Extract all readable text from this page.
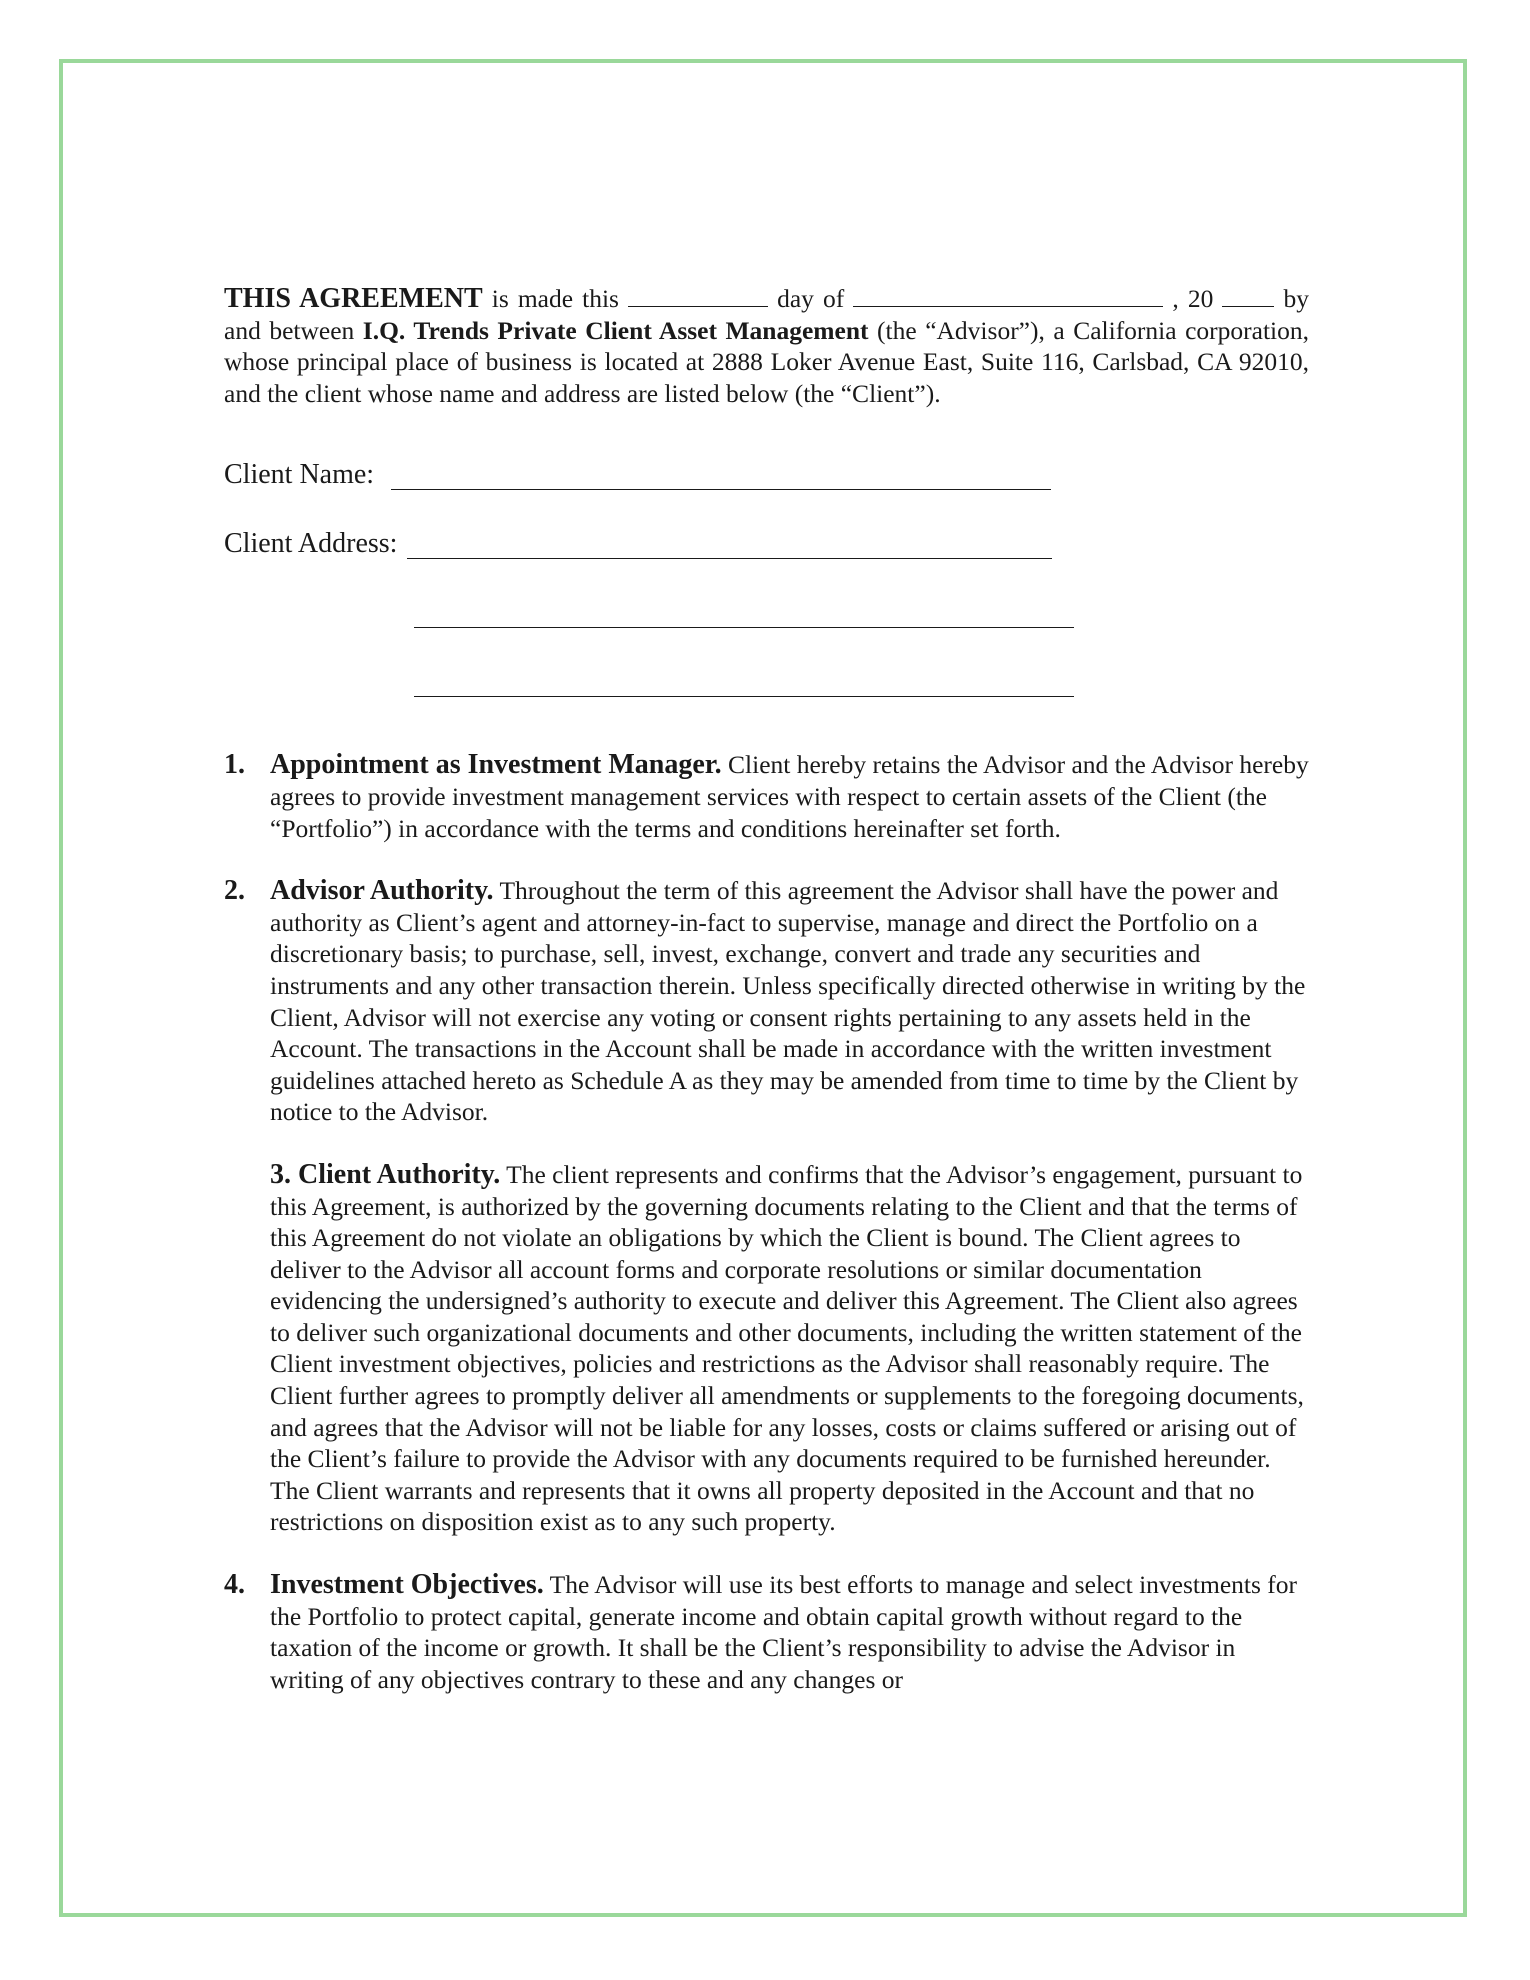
THIS AGREEMENT is made this	day of	, 20  by and between I.Q. Trends Private Client Asset Management (the “Advisor”), a California corporation, whose principal place of business is located at 2888 Loker Avenue East, Suite 116, Carlsbad, CA 92010, and the client whose name and address are listed below (the “Client”).

Client Name:
Client Address:
1. Appointment as Investment Manager. Client hereby retains the Advisor and the Advisor hereby agrees to provide investment management services with respect to certain assets of the Client (the “Portfolio”) in accordance with the terms and conditions hereinafter set forth.
2. Advisor Authority. Throughout the term of this agreement the Advisor shall have the power and authority as Client’s agent and attorney-in-fact to supervise, manage and direct the Portfolio on a discretionary basis; to purchase, sell, invest, exchange, convert and trade any securities and instruments and any other transaction therein. Unless specifically directed otherwise in writing by the Client, Advisor will not exercise any voting or consent rights pertaining to any assets held in the Account. The transactions in the Account shall be made in accordance with the written investment guidelines attached hereto as Schedule A as they may be amended from time to time by the Client by notice to the Advisor.
3. Client Authority. The client represents and confirms that the Advisor’s engagement, pursuant to this Agreement, is authorized by the governing documents relating to the Client and that the terms of this Agreement do not violate an obligations by which the Client is bound. The Client agrees to deliver to the Advisor all account forms and corporate resolutions or similar documentation evidencing the undersigned’s authority to execute and deliver this Agreement. The Client also agrees to deliver such organizational documents and other documents, including the written statement of the Client investment objectives, policies and restrictions as the Advisor shall reasonably require. The Client further agrees to promptly deliver all amendments or supplements to the foregoing documents, and agrees that the Advisor will not be liable for any losses, costs or claims suffered or arising out of the Client’s failure to provide the Advisor with any documents required to be furnished hereunder. The Client warrants and represents that it owns all property deposited in the Account and that no restrictions on disposition exist as to any such property.
4. Investment Objectives. The Advisor will use its best efforts to manage and select investments for the Portfolio to protect capital, generate income and obtain capital growth without regard to the taxation of the income or growth. It shall be the Client’s responsibility to advise the Advisor in writing of any objectives contrary to these and any changes or
